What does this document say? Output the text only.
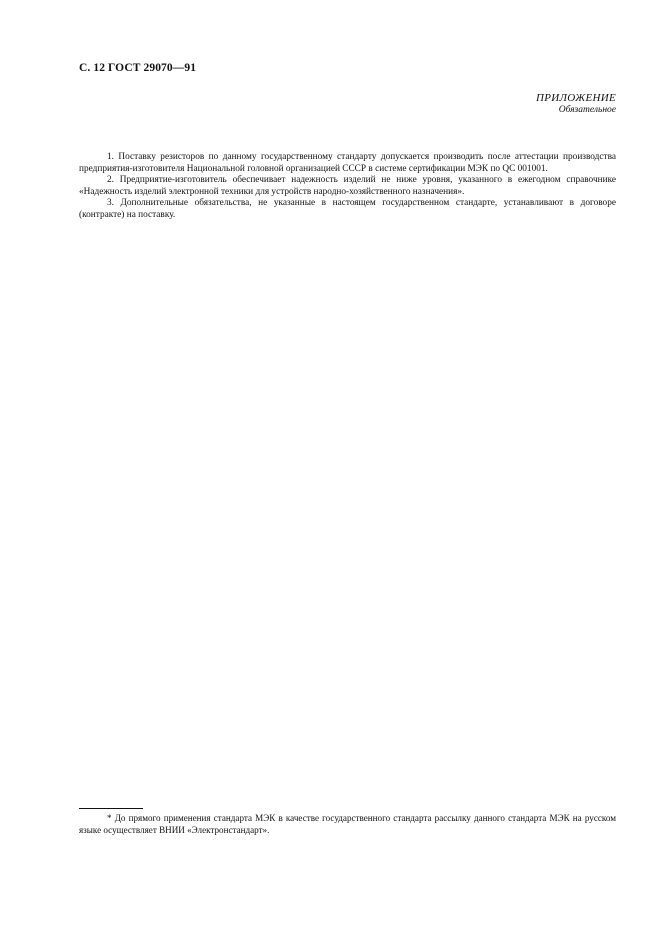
С. 12 ГОСТ 29070—91
ПРИЛОЖЕНИЕ
Обязательное

1. Поставку резисторов по данному государственному стандарту допускается производить после аттестации производства предприятия-изготовителя Национальной головной организацией СССР в системе сертификации МЭК по QC 001001.

2. Предприятие-изготовитель обеспечивает надежность изделий не ниже уровня, указанного в ежегодном справочнике «Надежность изделий электронной техники для устройств народно-хозяйственного назначения».

3. Дополнительные обязательства, не указанные в настоящем государственном стандарте, устанавливают в договоре (контракте) на поставку.

* До прямого применения стандарта МЭК в качестве государственного стандарта рассылку данного стандарта МЭК на русском языке осуществляет ВНИИ «Электронстандарт».
